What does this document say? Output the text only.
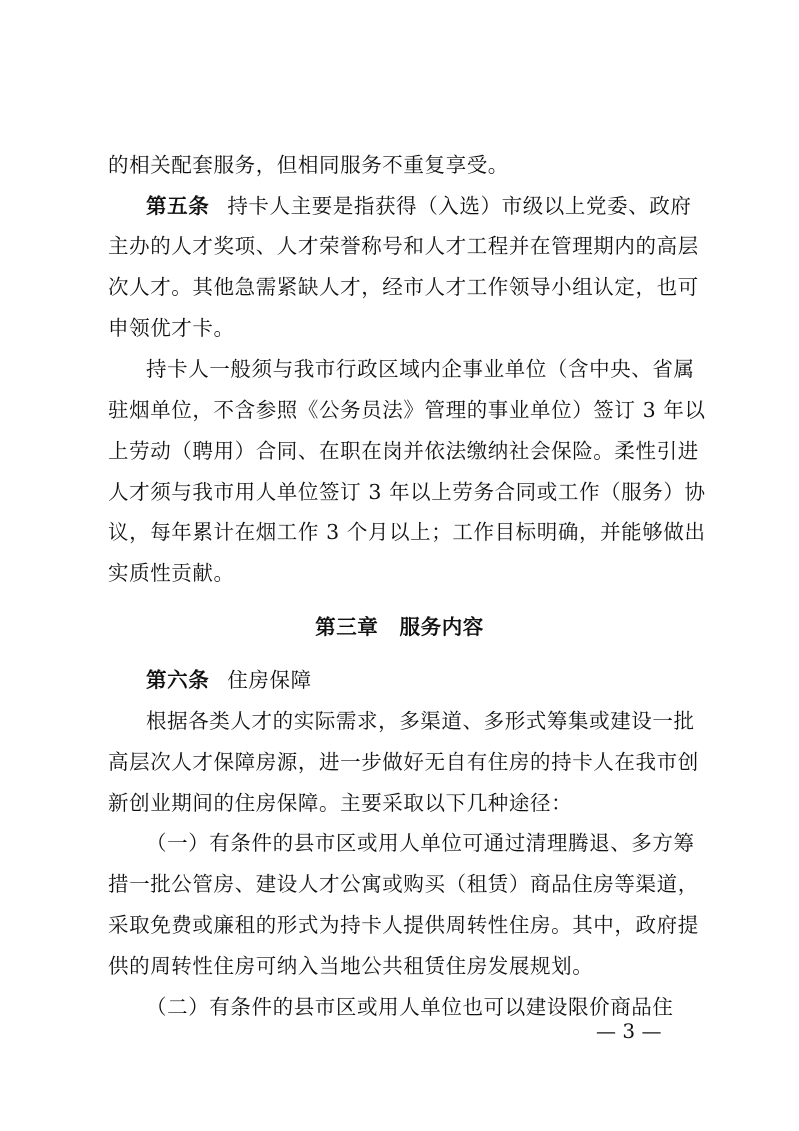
的相关配套服务，但相同服务不重复享受。
第五条 持卡人主要是指获得（入选）市级以上党委、政府
主办的人才奖项、人才荣誉称号和人才工程并在管理期内的高层
次人才。其他急需紧缺人才，经市人才工作领导小组认定，也可
申领优才卡。
持卡人一般须与我市行政区域内企事业单位（含中央、省属
驻烟单位，不含参照《公务员法》管理的事业单位）签订 3 年以
上劳动（聘用）合同、在职在岗并依法缴纳社会保险。柔性引进
人才须与我市用人单位签订 3 年以上劳务合同或工作（服务）协
议，每年累计在烟工作 3 个月以上；工作目标明确，并能够做出
实质性贡献。
第三章　服务内容
第六条 住房保障
根据各类人才的实际需求，多渠道、多形式筹集或建设一批
高层次人才保障房源，进一步做好无自有住房的持卡人在我市创
新创业期间的住房保障。主要采取以下几种途径：
（一）有条件的县市区或用人单位可通过清理腾退、多方筹
措一批公管房、建设人才公寓或购买（租赁）商品住房等渠道，
采取免费或廉租的形式为持卡人提供周转性住房。其中，政府提
供的周转性住房可纳入当地公共租赁住房发展规划。
（二）有条件的县市区或用人单位也可以建设限价商品住
— 3 —
